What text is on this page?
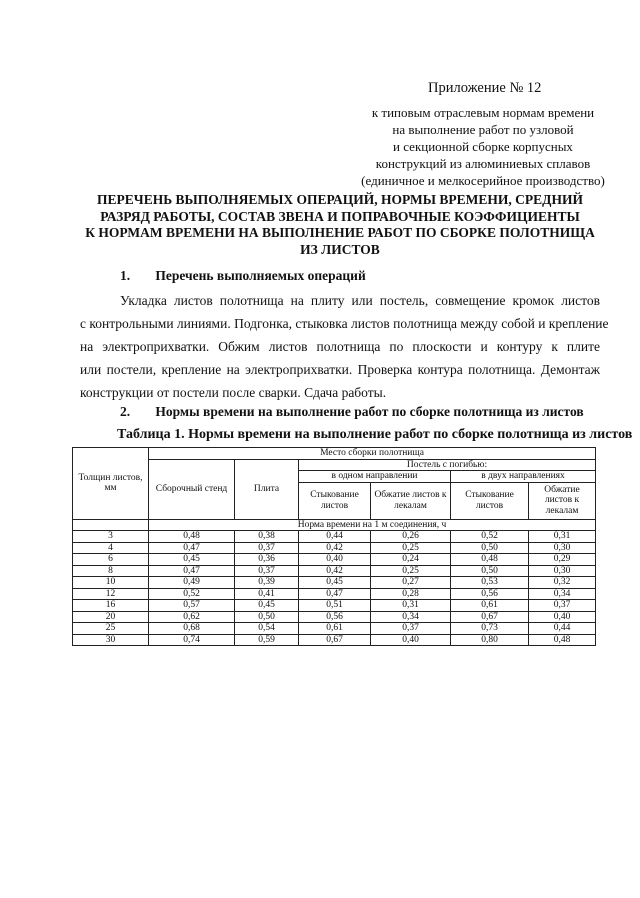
Приложение № 12
к типовым отраслевым нормам времени
на выполнение работ по узловой
и секционной сборке корпусных
конструкций из алюминиевых сплавов
(единичное и мелкосерийное производство)
ПЕРЕЧЕНЬ ВЫПОЛНЯЕМЫХ ОПЕРАЦИЙ, НОРМЫ ВРЕМЕНИ, СРЕДНИЙ
РАЗРЯД РАБОТЫ, СОСТАВ ЗВЕНА И ПОПРАВОЧНЫЕ КОЭФФИЦИЕНТЫ
К НОРМАМ ВРЕМЕНИ НА ВЫПОЛНЕНИЕ РАБОТ ПО СБОРКЕ ПОЛОТНИЩА
ИЗ ЛИСТОВ
1. Перечень выполняемых операций
Укладка листов полотнища на плиту или постель, совмещение кромок листов
с контрольными линиями. Подгонка, стыковка листов полотнища между собой и крепление
на электроприхватки. Обжим листов полотнища по плоскости и контуру к плите
или постели, крепление на электроприхватки. Проверка контура полотнища. Демонтаж
конструкции от постели после сварки. Сдача работы.
2. Нормы времени на выполнение работ по сборке полотнища из листов
Таблица 1. Нормы времени на выполнение работ по сборке полотнища из листов
Толщин листов, мм	Место сборки полотнища					
	Сборочный стенд	Плита	Постель с погибью:			
			в одном направлении		в двух направлениях	
			Стыкование листов	Обжатие листов к лекалам	Стыкование листов	Обжатие листов к лекалам
	Норма времени на 1 м соединения, ч					
3	0,48	0,38	0,44	0,26	0,52	0,31
4	0,47	0,37	0,42	0,25	0,50	0,30
6	0,45	0,36	0,40	0,24	0,48	0,29
8	0,47	0,37	0,42	0,25	0,50	0,30
10	0,49	0,39	0,45	0,27	0,53	0,32
12	0,52	0,41	0,47	0,28	0,56	0,34
16	0,57	0,45	0,51	0,31	0,61	0,37
20	0,62	0,50	0,56	0,34	0,67	0,40
25	0,68	0,54	0,61	0,37	0,73	0,44
30	0,74	0,59	0,67	0,40	0,80	0,48
